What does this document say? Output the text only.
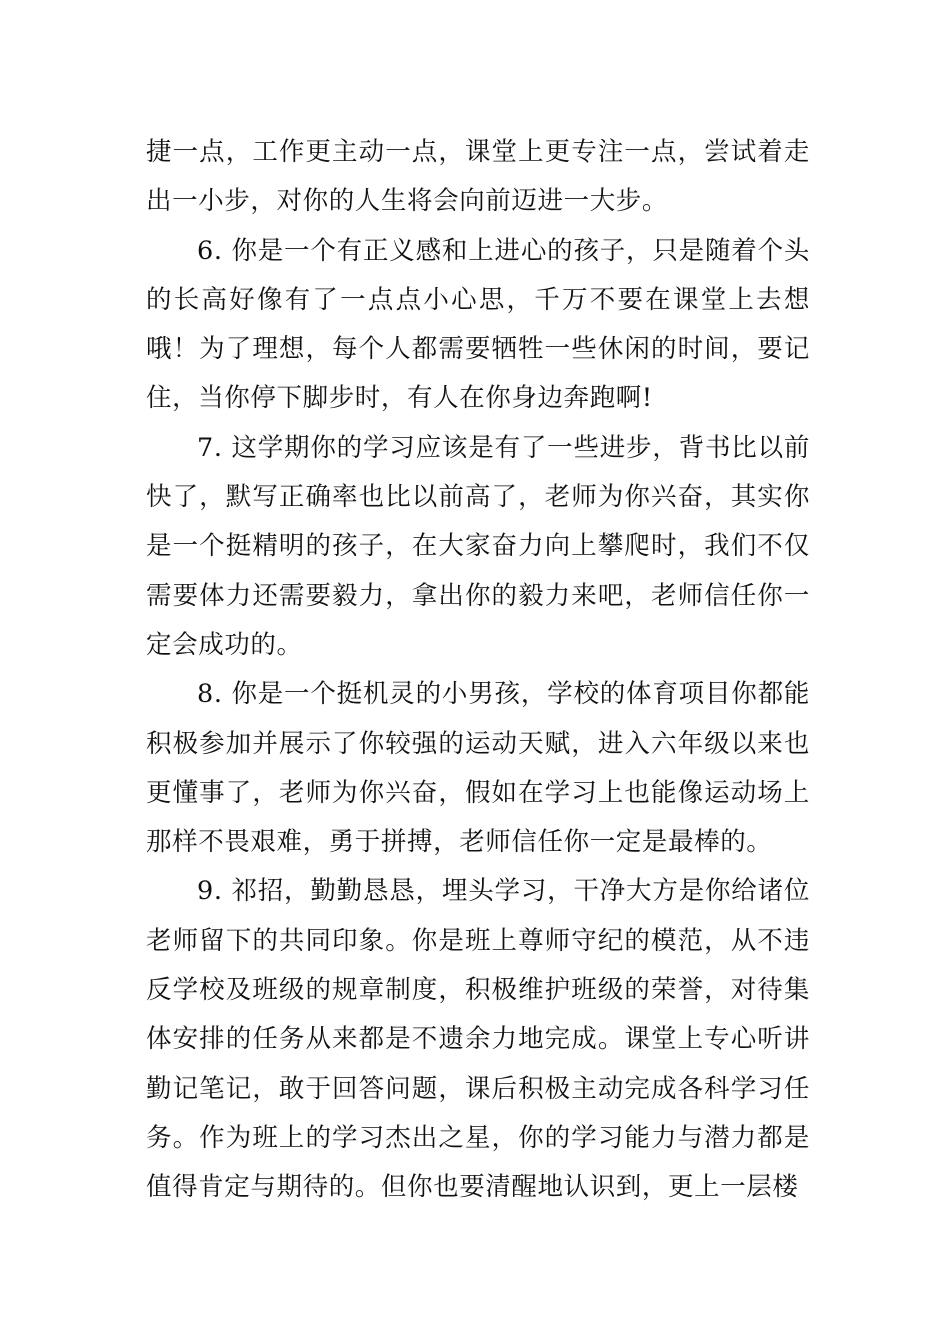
捷一点，工作更主动一点，课堂上更专注一点，尝试着走出一小步，对你的人生将会向前迈进一大步。

6. 你是一个有正义感和上进心的孩子，只是随着个头的长高好像有了一点点小心思，千万不要在课堂上去想哦！为了理想，每个人都需要牺牲一些休闲的时间，要记住，当你停下脚步时，有人在你身边奔跑啊!

7. 这学期你的学习应该是有了一些进步，背书比以前快了，默写正确率也比以前高了，老师为你兴奋，其实你是一个挺精明的孩子，在大家奋力向上攀爬时，我们不仅需要体力还需要毅力，拿出你的毅力来吧，老师信任你一定会成功的。

8. 你是一个挺机灵的小男孩，学校的体育项目你都能积极参加并展示了你较强的运动天赋，进入六年级以来也更懂事了，老师为你兴奋，假如在学习上也能像运动场上那样不畏艰难，勇于拼搏，老师信任你一定是最棒的。

9. 祁招，勤勤恳恳，埋头学习，干净大方是你给诸位老师留下的共同印象。你是班上尊师守纪的模范，从不违反学校及班级的规章制度，积极维护班级的荣誉，对待集体安排的任务从来都是不遗余力地完成。课堂上专心听讲勤记笔记，敢于回答问题，课后积极主动完成各科学习任务。作为班上的学习杰出之星，你的学习能力与潜力都是值得肯定与期待的。但你也要清醒地认识到，更上一层楼
